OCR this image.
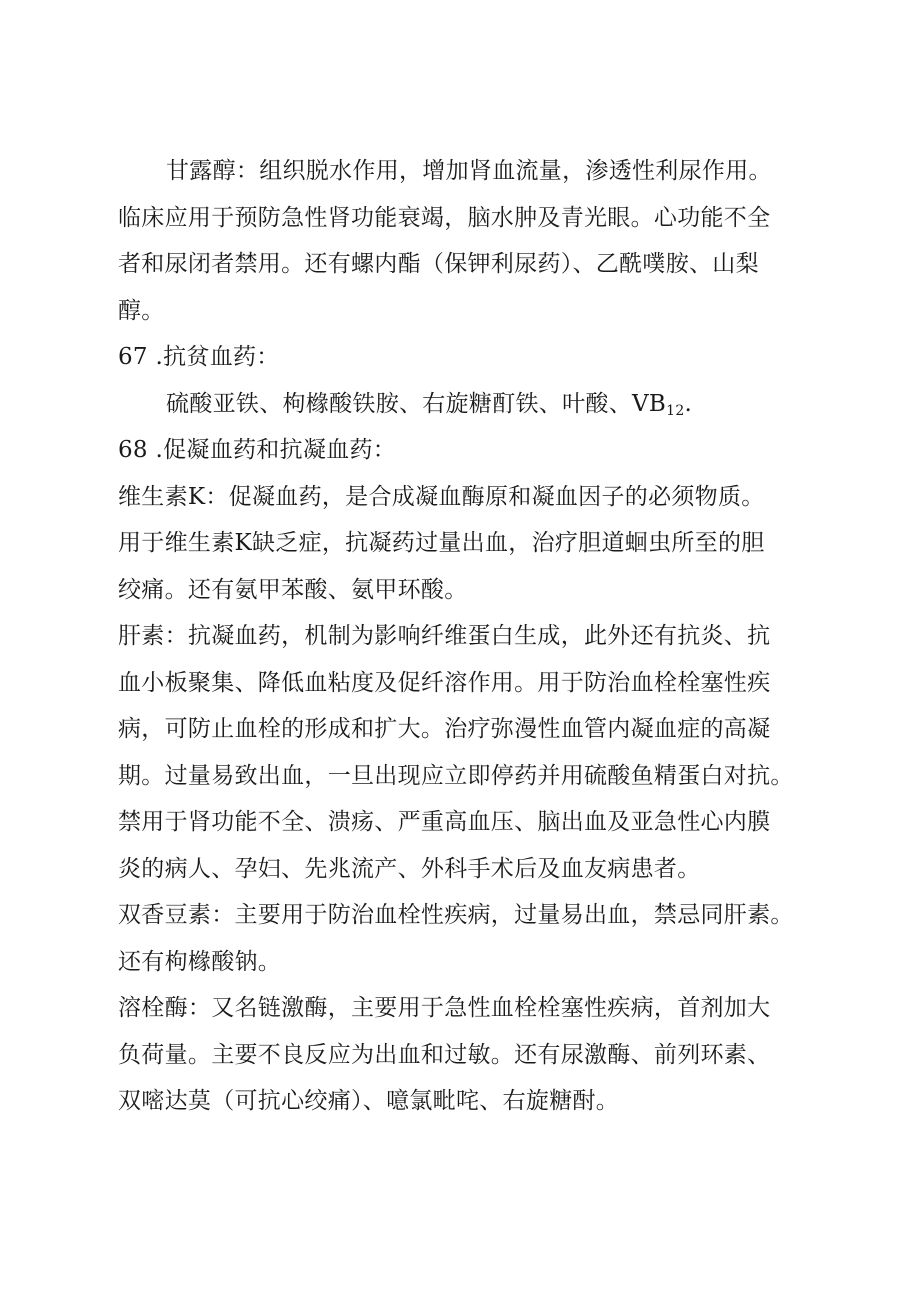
甘露醇：组织脱水作用，增加肾血流量，渗透性利尿作用。
临床应用于预防急性肾功能衰竭，脑水肿及青光眼。心功能不全
者和尿闭者禁用。还有螺内酯（保钾利尿药）、乙酰噗胺、山梨
醇。
67 .抗贫血药：
硫酸亚铁、枸橼酸铁胺、右旋糖酊铁、叶酸、$VB_{12}$.
68 .促凝血药和抗凝血药：
维生素K：促凝血药，是合成凝血酶原和凝血因子的必须物质。
用于维生素K缺乏症，抗凝药过量出血，治疗胆道蛔虫所至的胆
绞痛。还有氨甲苯酸、氨甲环酸。
肝素：抗凝血药，机制为影响纤维蛋白生成，此外还有抗炎、抗
血小板聚集、降低血粘度及促纤溶作用。用于防治血栓栓塞性疾
病，可防止血栓的形成和扩大。治疗弥漫性血管内凝血症的高凝
期。过量易致出血，一旦出现应立即停药并用硫酸鱼精蛋白对抗。
禁用于肾功能不全、溃疡、严重高血压、脑出血及亚急性心内膜
炎的病人、孕妇、先兆流产、外科手术后及血友病患者。
双香豆素：主要用于防治血栓性疾病，过量易出血，禁忌同肝素。
还有枸橼酸钠。
溶栓酶：又名链激酶，主要用于急性血栓栓塞性疾病，首剂加大
负荷量。主要不良反应为出血和过敏。还有尿激酶、前列环素、
双嘧达莫（可抗心绞痛）、噫氯毗咤、右旋糖酎。
